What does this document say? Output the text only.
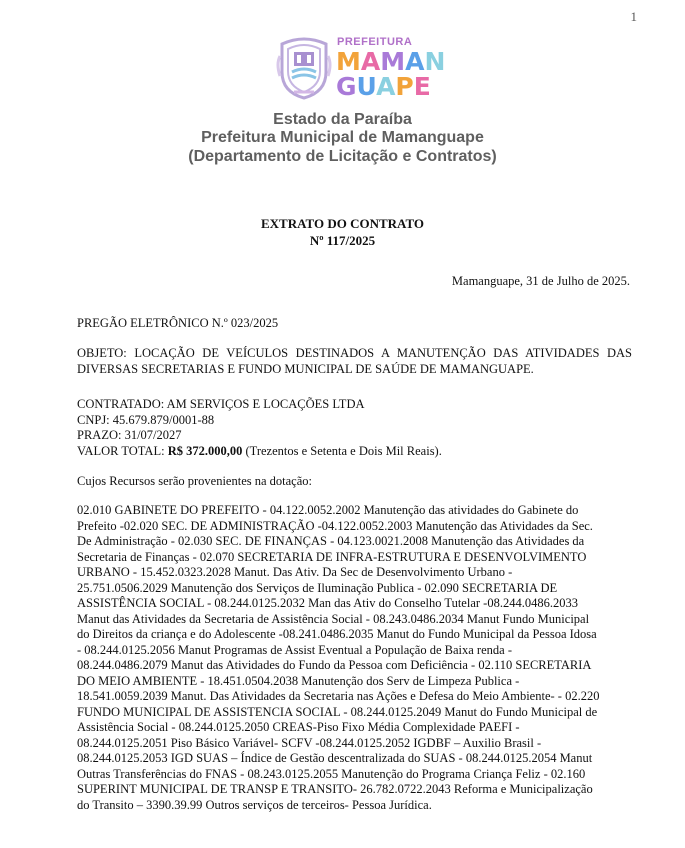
1
PREFEITURA
MAMAN
GUAPE
Estado da Paraíba
Prefeitura Municipal de Mamanguape
(Departamento de Licitação e Contratos)
EXTRATO DO CONTRATO
Nº 117/2025
Mamanguape, 31 de Julho de 2025.
PREGÃO ELETRÔNICO N.º 023/2025
OBJETO: LOCAÇÃO DE VEÍCULOS DESTINADOS A MANUTENÇÃO DAS ATIVIDADES DAS DIVERSAS SECRETARIAS E FUNDO MUNICIPAL DE SAÚDE DE MAMANGUAPE.
CONTRATADO: AM SERVIÇOS E LOCAÇÕES LTDA
CNPJ: 45.679.879/0001-88
PRAZO: 31/07/2027
VALOR TOTAL: R$ 372.000,00 (Trezentos e Setenta e Dois Mil Reais).
Cujos Recursos serão provenientes na dotação:
02.010 GABINETE DO PREFEITO - 04.122.0052.2002 Manutenção das atividades do Gabinete do
Prefeito -02.020 SEC. DE ADMINISTRAÇÃO -04.122.0052.2003 Manutenção das Atividades da Sec.
De Administração - 02.030 SEC. DE FINANÇAS - 04.123.0021.2008 Manutenção das Atividades da
Secretaria de Finanças - 02.070 SECRETARIA DE INFRA-ESTRUTURA E DESENVOLVIMENTO
URBANO - 15.452.0323.2028 Manut. Das Ativ. Da Sec de Desenvolvimento Urbano -
25.751.0506.2029 Manutenção dos Serviços de Iluminação Publica - 02.090 SECRETARIA DE
ASSISTÊNCIA SOCIAL - 08.244.0125.2032 Man das Ativ do Conselho Tutelar -08.244.0486.2033
Manut das Atividades da Secretaria de Assistência Social - 08.243.0486.2034 Manut Fundo Municipal
do Direitos da criança e do Adolescente -08.241.0486.2035 Manut do Fundo Municipal da Pessoa Idosa
- 08.244.0125.2056 Manut Programas de Assist Eventual a População de Baixa renda -
08.244.0486.2079 Manut das Atividades do Fundo da Pessoa com Deficiência - 02.110 SECRETARIA
DO MEIO AMBIENTE - 18.451.0504.2038 Manutenção dos Serv de Limpeza Publica -
18.541.0059.2039 Manut. Das Atividades da Secretaria nas Ações e Defesa do Meio Ambiente- - 02.220
FUNDO MUNICIPAL DE ASSISTENCIA SOCIAL - 08.244.0125.2049 Manut do Fundo Municipal de
Assistência Social - 08.244.0125.2050 CREAS-Piso Fixo Média Complexidade PAEFI -
08.244.0125.2051 Piso Básico Variável- SCFV -08.244.0125.2052 IGDBF – Auxilio Brasil -
08.244.0125.2053 IGD SUAS – Índice de Gestão descentralizada do SUAS - 08.244.0125.2054 Manut
Outras Transferências do FNAS - 08.243.0125.2055 Manutenção do Programa Criança Feliz - 02.160
SUPERINT MUNICIPAL DE TRANSP E TRANSITO- 26.782.0722.2043 Reforma e Municipalização
do Transito – 3390.39.99 Outros serviços de terceiros- Pessoa Jurídica.
